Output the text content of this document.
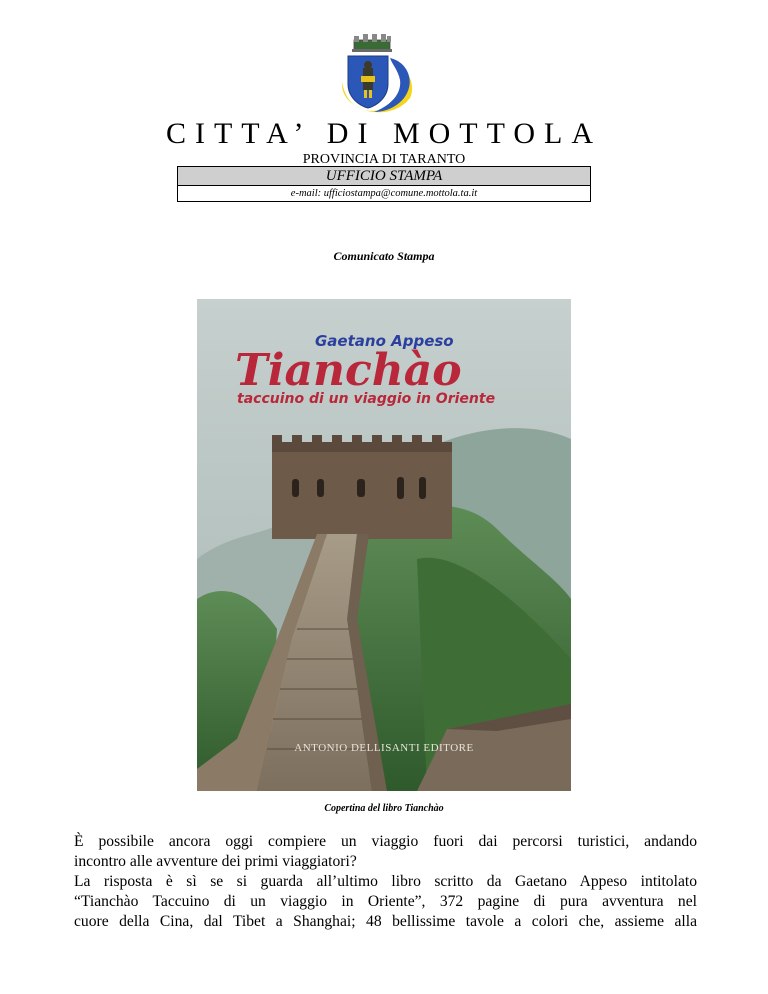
CITTA’ DI MOTTOLA
PROVINCIA DI TARANTO
UFFICIO STAMPA
e-mail: ufficiostampa@comune.mottola.ta.it
Comunicato Stampa
Gaetano Appeso
Tianchào
taccuino di un viaggio in Oriente
ANTONIO DELLISANTI EDITORE
Copertina del libro Tianchào

È possibile ancora oggi compiere un viaggio fuori dai percorsi turistici, andando

incontro alle avventure dei primi viaggiatori?

La risposta è sì se si guarda all’ultimo libro scritto da Gaetano Appeso intitolato

“Tianchào Taccuino di un viaggio in Oriente”, 372 pagine di pura avventura nel

cuore della Cina, dal Tibet a Shanghai; 48 bellissime tavole a colori che, assieme alla
